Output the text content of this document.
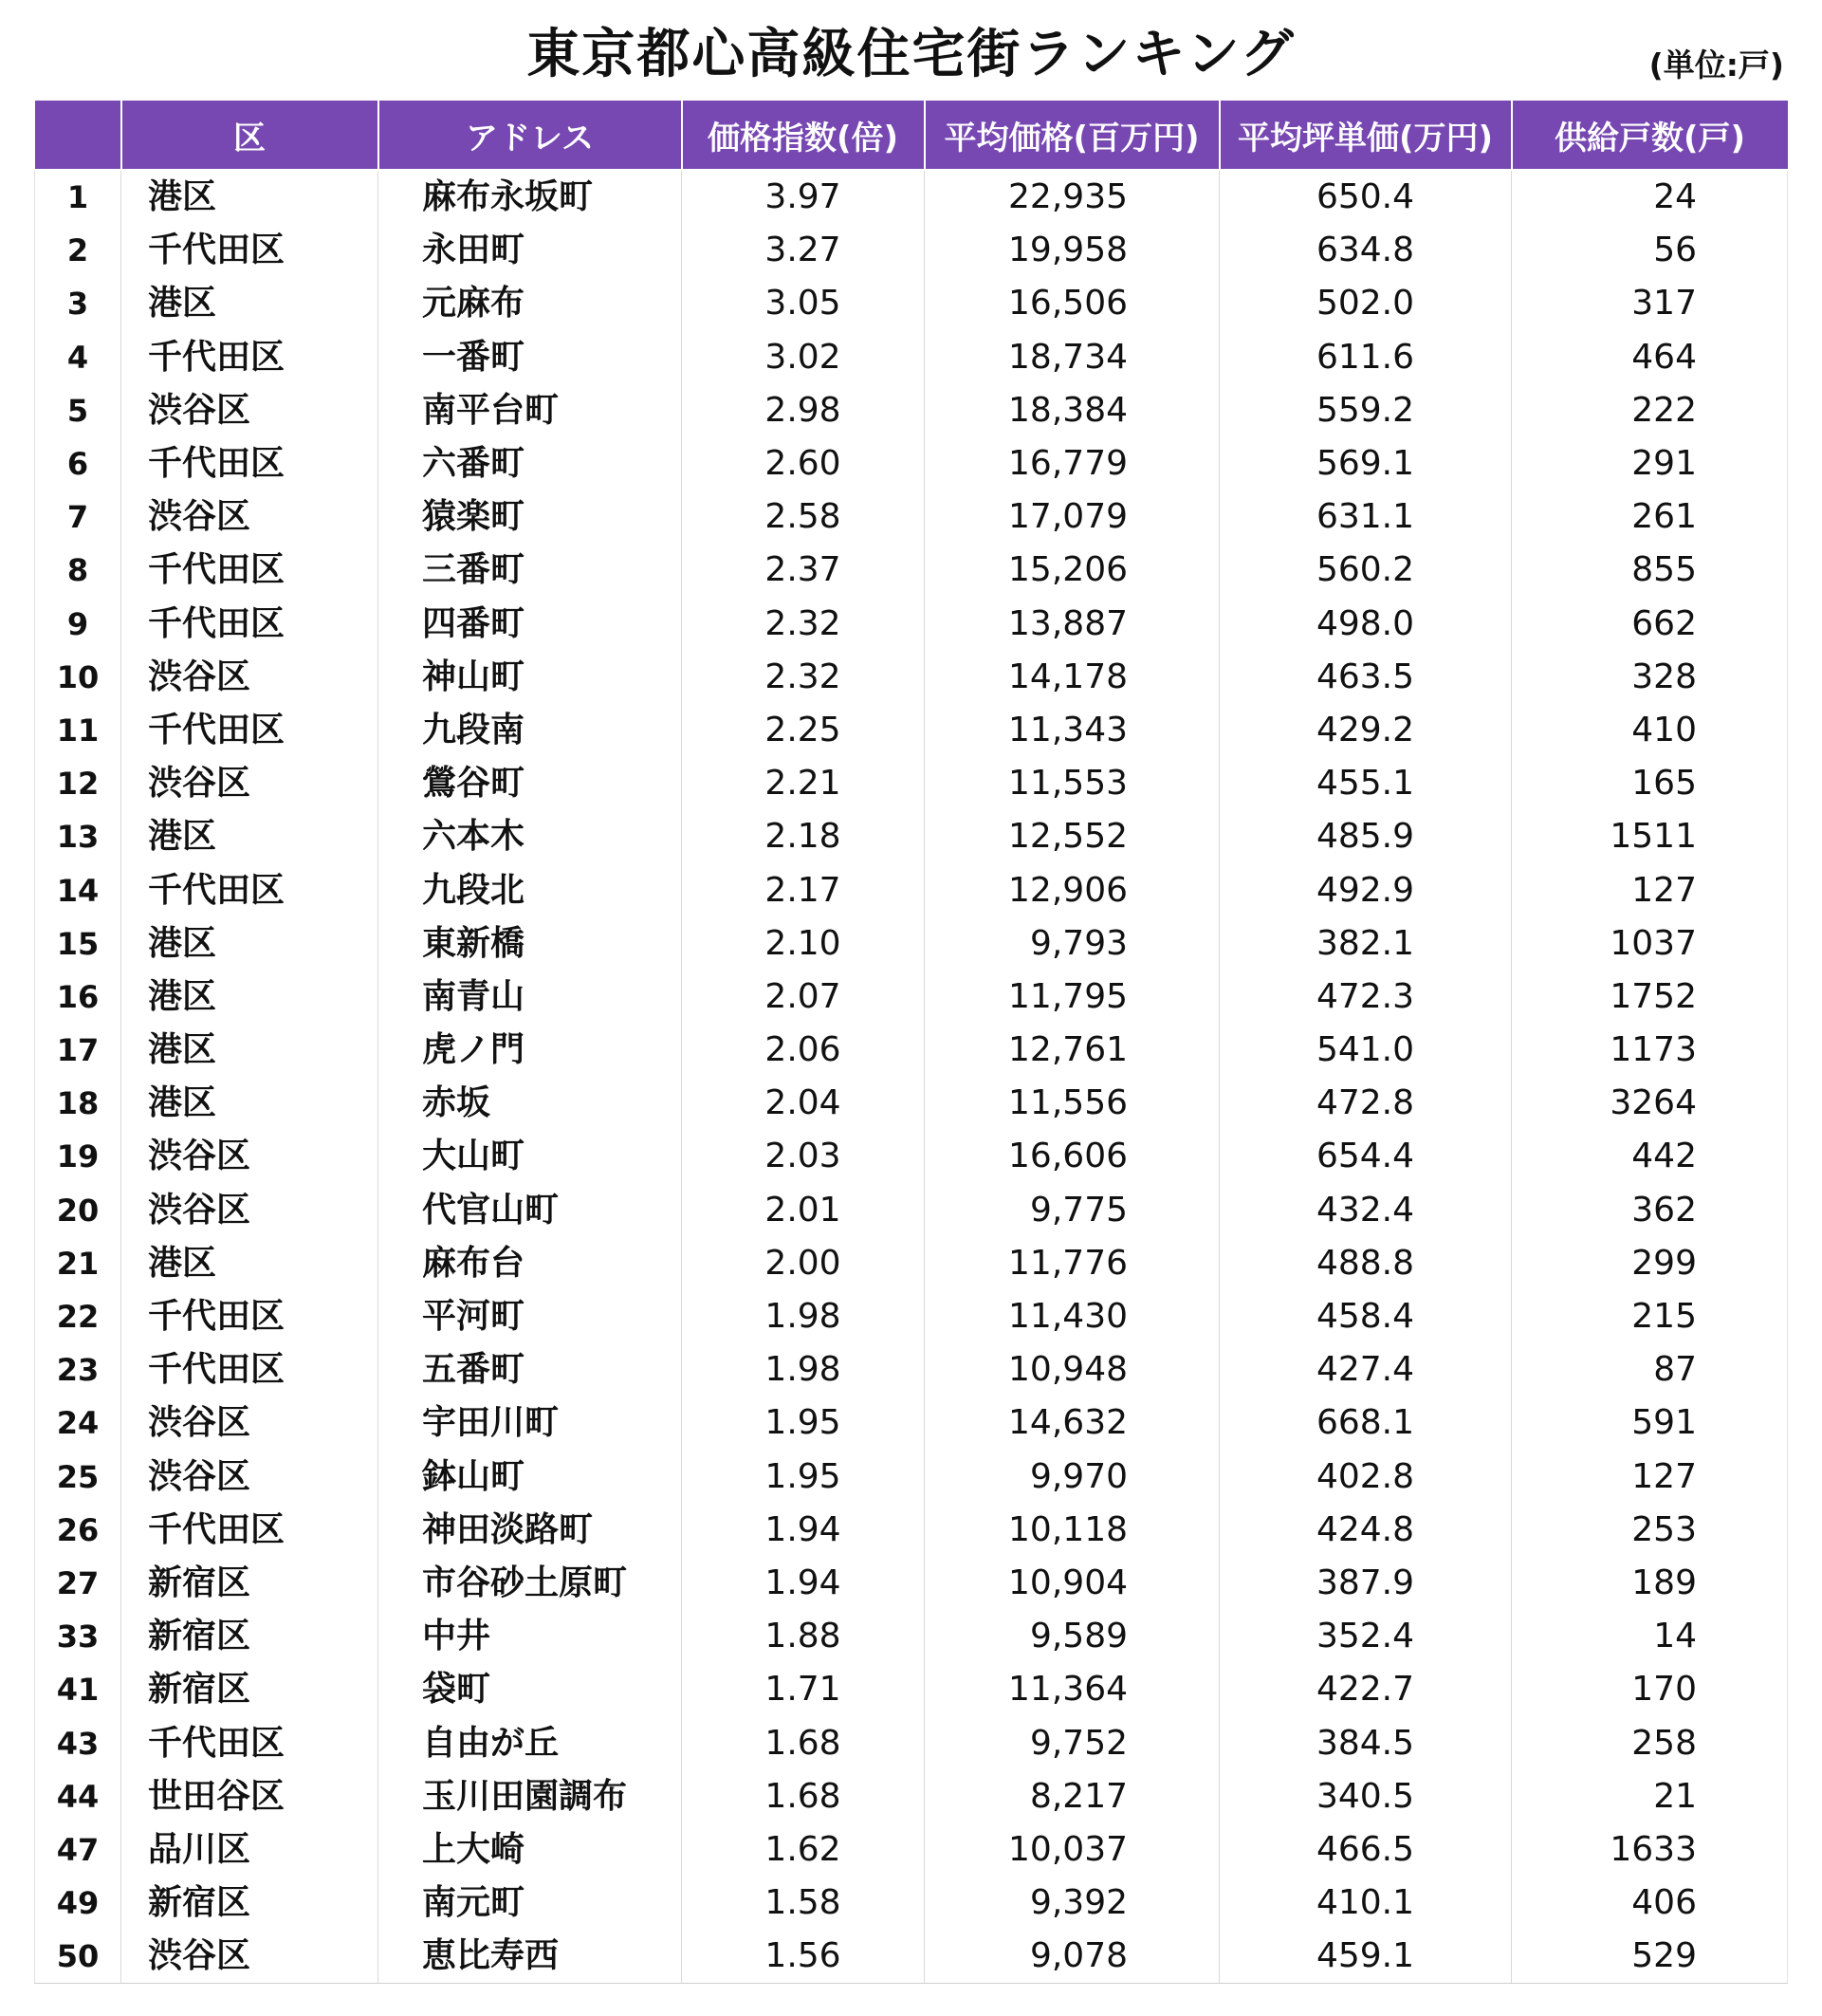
東京都心高級住宅街ランキング	(単位:戸)
	区	アドレス	価格指数(倍)	平均価格(百万円)	平均坪単価(万円)	供給戸数(戸)
1	港区	麻布永坂町	3.97	22,935	650.4	24
2	千代田区	永田町	3.27	19,958	634.8	56
3	港区	元麻布	3.05	16,506	502.0	317
4	千代田区	一番町	3.02	18,734	611.6	464
5	渋谷区	南平台町	2.98	18,384	559.2	222
6	千代田区	六番町	2.60	16,779	569.1	291
7	渋谷区	猿楽町	2.58	17,079	631.1	261
8	千代田区	三番町	2.37	15,206	560.2	855
9	千代田区	四番町	2.32	13,887	498.0	662
10	渋谷区	神山町	2.32	14,178	463.5	328
11	千代田区	九段南	2.25	11,343	429.2	410
12	渋谷区	鶯谷町	2.21	11,553	455.1	165
13	港区	六本木	2.18	12,552	485.9	1511
14	千代田区	九段北	2.17	12,906	492.9	127
15	港区	東新橋	2.10	9,793	382.1	1037
16	港区	南青山	2.07	11,795	472.3	1752
17	港区	虎ノ門	2.06	12,761	541.0	1173
18	港区	赤坂	2.04	11,556	472.8	3264
19	渋谷区	大山町	2.03	16,606	654.4	442
20	渋谷区	代官山町	2.01	9,775	432.4	362
21	港区	麻布台	2.00	11,776	488.8	299
22	千代田区	平河町	1.98	11,430	458.4	215
23	千代田区	五番町	1.98	10,948	427.4	87
24	渋谷区	宇田川町	1.95	14,632	668.1	591
25	渋谷区	鉢山町	1.95	9,970	402.8	127
26	千代田区	神田淡路町	1.94	10,118	424.8	253
27	新宿区	市谷砂土原町	1.94	10,904	387.9	189
33	新宿区	中井	1.88	9,589	352.4	14
41	新宿区	袋町	1.71	11,364	422.7	170
43	千代田区	自由が丘	1.68	9,752	384.5	258
44	世田谷区	玉川田園調布	1.68	8,217	340.5	21
47	品川区	上大崎	1.62	10,037	466.5	1633
49	新宿区	南元町	1.58	9,392	410.1	406
50	渋谷区	恵比寿西	1.56	9,078	459.1	529
